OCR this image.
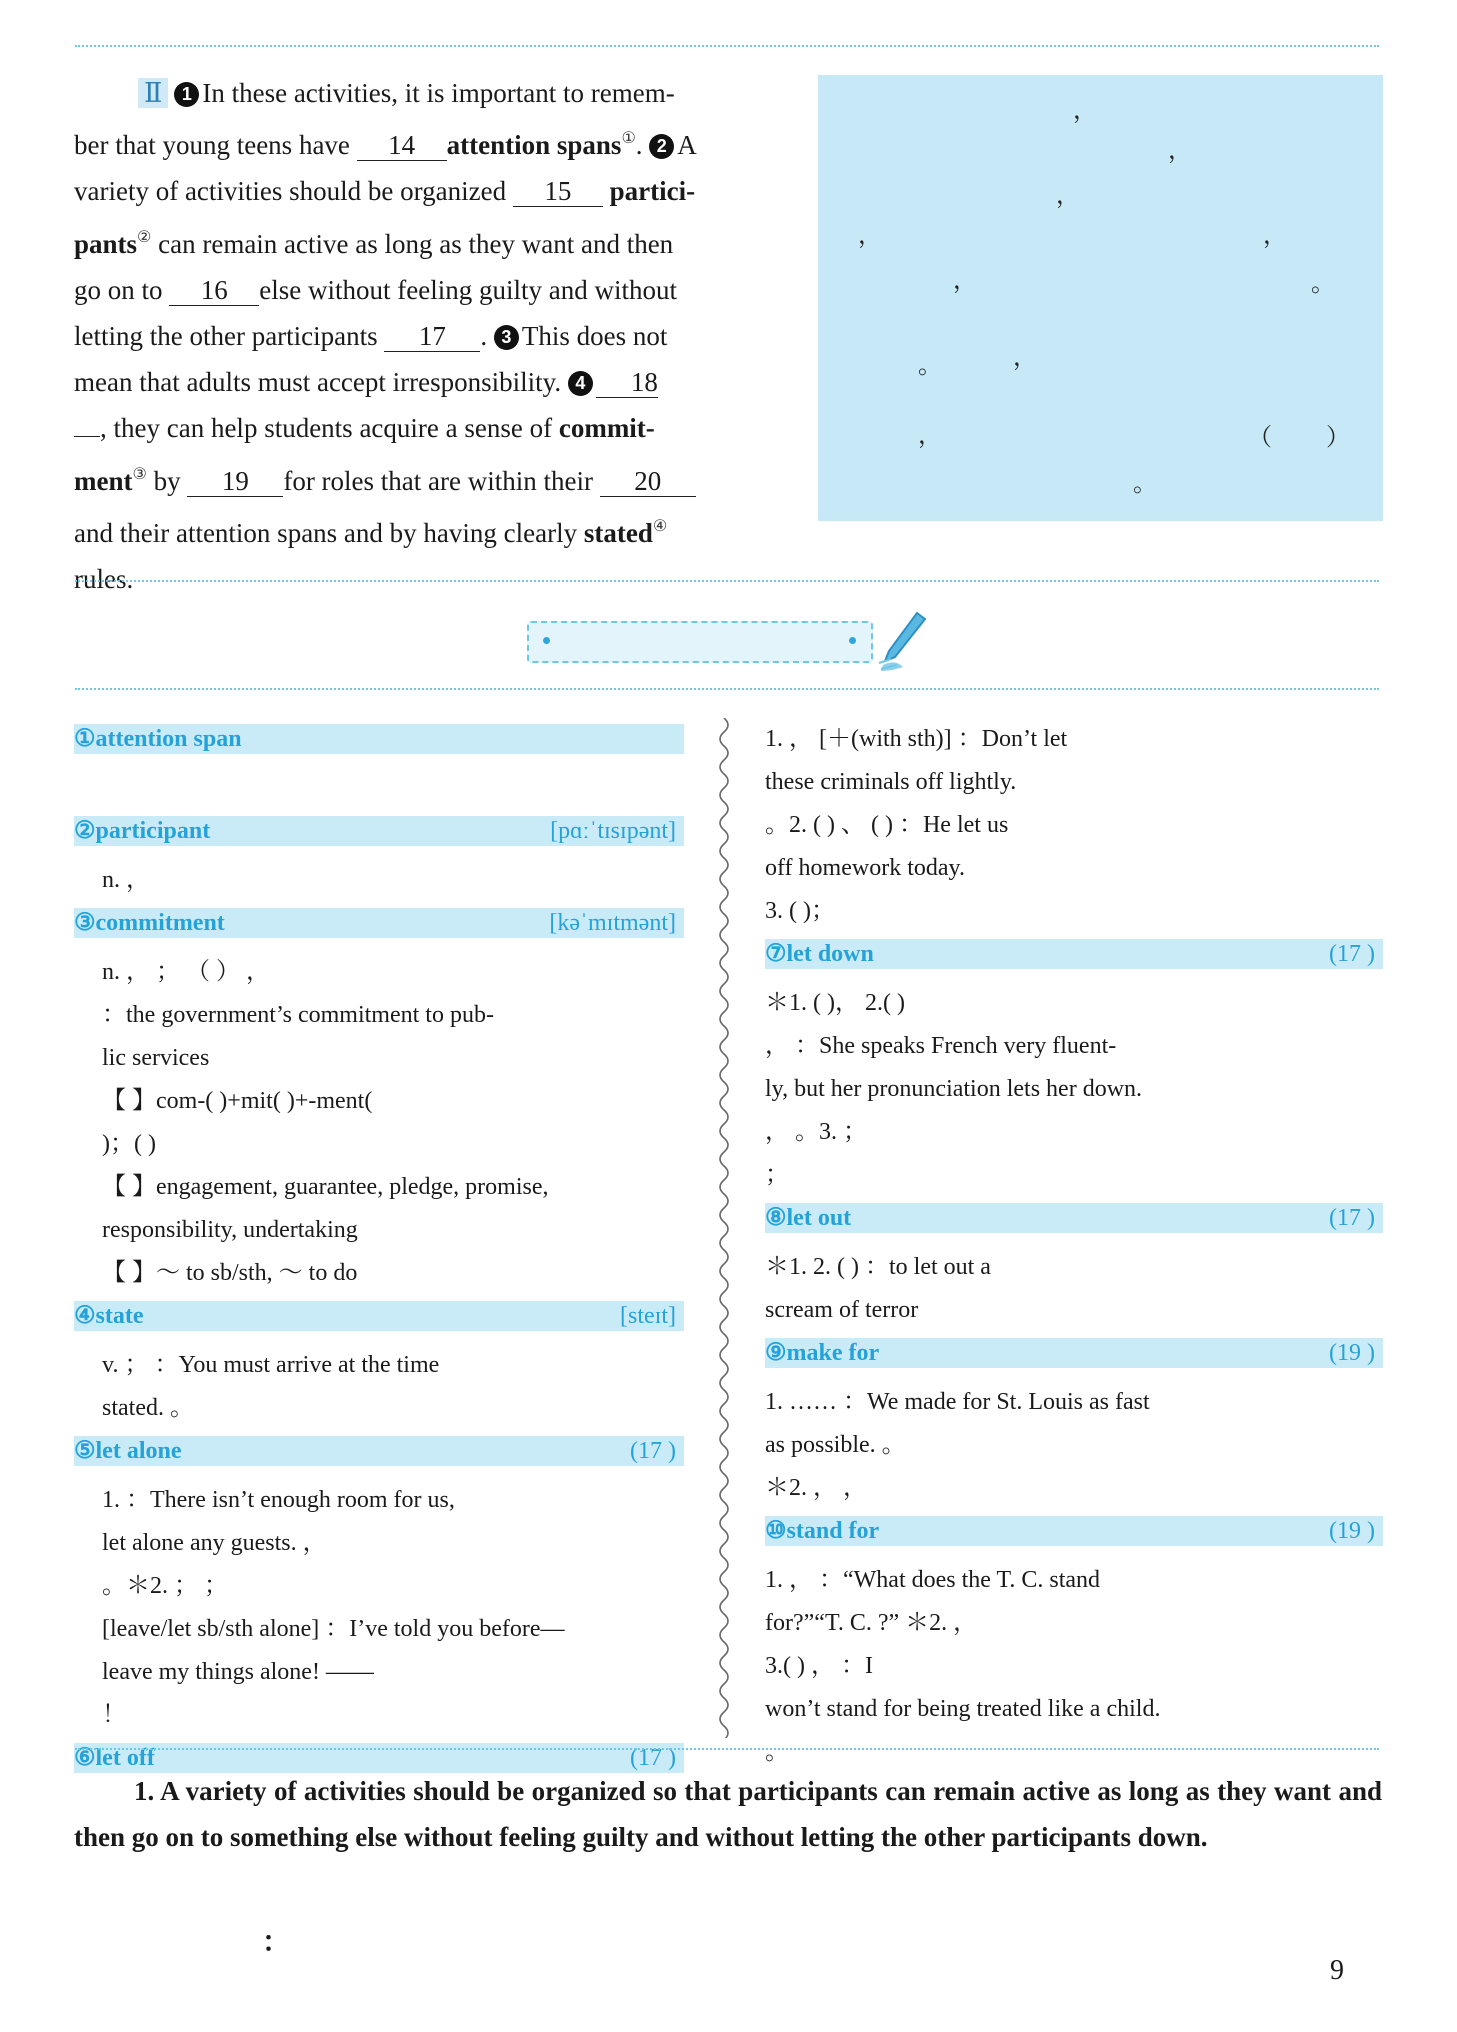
Ⅱ 1 In these activities, it is important to remem-

ber that young teens have 14 attention spans①. 2 A

variety of activities should be organized 15 partici-

pants② can remain active as long as they want and then

go on to 16 else without feeling guilty and without

letting the other participants 17 . 3 This does not

mean that adults must accept irresponsibility. 4 18

, they can help students acquire a sense of commit-

ment③ by 19 for roles that are within their 20

and their attention spans and by having clearly stated④

rules.

，
，
，
，	，
，	。
。	，
，	（ ）
。
①attention span
②participant	[pɑːˈtɪsɪpənt]
n. ，
③commitment	[kəˈmɪtmənt]
n. ， ； （ ） ，
：the government’s commitment to pub-
lic services
【 】com-( )+mit( )+-ment(
)；( )
【 】engagement, guarantee, pledge, promise,
responsibility, undertaking
【 】～ to sb/sth, ～ to do
④state	[steɪt]
v. ； ：You must arrive at the time
stated. 。
⑤let alone	(17 )
1. ：There isn’t enough room for us,
let alone any guests. ，
。＊2. ； ；
[leave/let sb/sth alone] ：I’ve told you before—
leave my things alone! ——
！
⑥let off	(17 )
1. ， [＋(with sth)] ：Don’t let
these criminals off lightly.
。2. ( ) 、 ( ) ：He let us
off homework today.
3. ( )；
⑦let down	(17 )
＊1. ( )， 2.( )
， ：She speaks French very fluent-
ly, but her pronunciation lets her down.
， 。3. ；
；
⑧let out	(17 )
＊1. 2. ( ) ：to let out a
scream of terror
⑨make for	(19 )
1. …… ：We made for St. Louis as fast
as possible. 。
＊2. ， ，
⑩stand for	(19 )
1. ， ：“What does the T. C. stand
for?”“T. C. ?” ＊2. ，
3.( ) ， ：I
won’t stand for being treated like a child.
。

1. A variety of activities should be organized so that participants can remain active as long as they want and then go on to something else without feeling guilty and without letting the other participants down.

：
9
